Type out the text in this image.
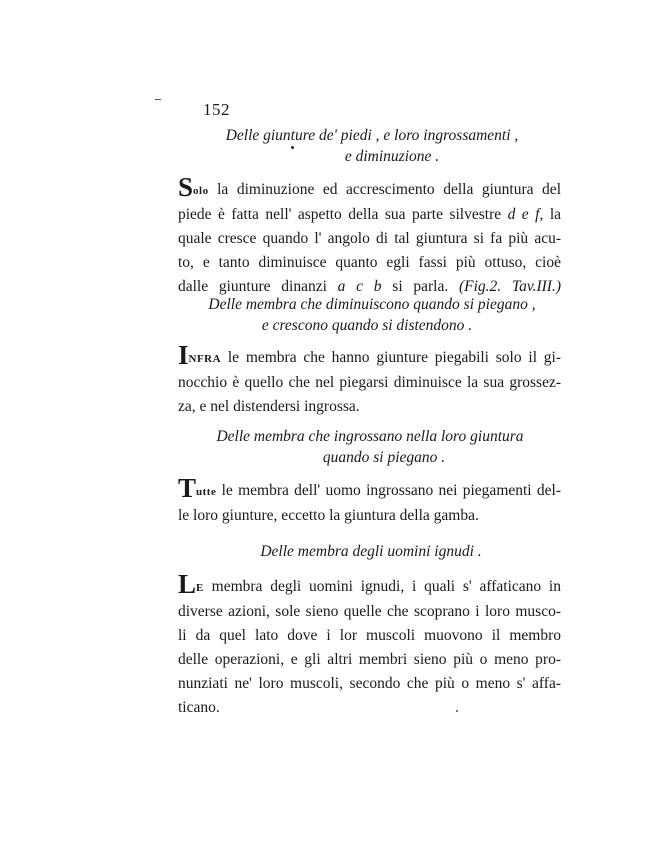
152
Delle giunture de' piedi , e loro ingrossamenti ,
e diminuzione .
Solo la diminuzione ed accrescimento della giuntura del
piede è fatta nell' aspetto della sua parte silvestre d e f, la
quale cresce quando l' angolo di tal giuntura si fa più acu-
to, e tanto diminuisce quanto egli fassi più ottuso, cioè
dalle giunture dinanzi a c b si parla. (Fig.2. Tav.III.)
Delle membra che diminuiscono quando si piegano ,
e crescono quando si distendono .
INFRA le membra che hanno giunture piegabili solo il gi-
nocchio è quello che nel piegarsi diminuisce la sua grossez-
za, e nel distendersi ingrossa.
Delle membra che ingrossano nella loro giuntura
quando si piegano .
Tutte le membra dell' uomo ingrossano nei piegamenti del-
le loro giunture, eccetto la giuntura della gamba.
Delle membra degli uomini ignudi .
LE membra degli uomini ignudi, i quali s' affaticano in
diverse azioni, sole sieno quelle che scoprano i loro musco-
li da quel lato dove i lor muscoli muovono il membro
delle operazioni, e gli altri membri sieno più o meno pro-
nunziati ne' loro muscoli, secondo che più o meno s' affa-
ticano.
